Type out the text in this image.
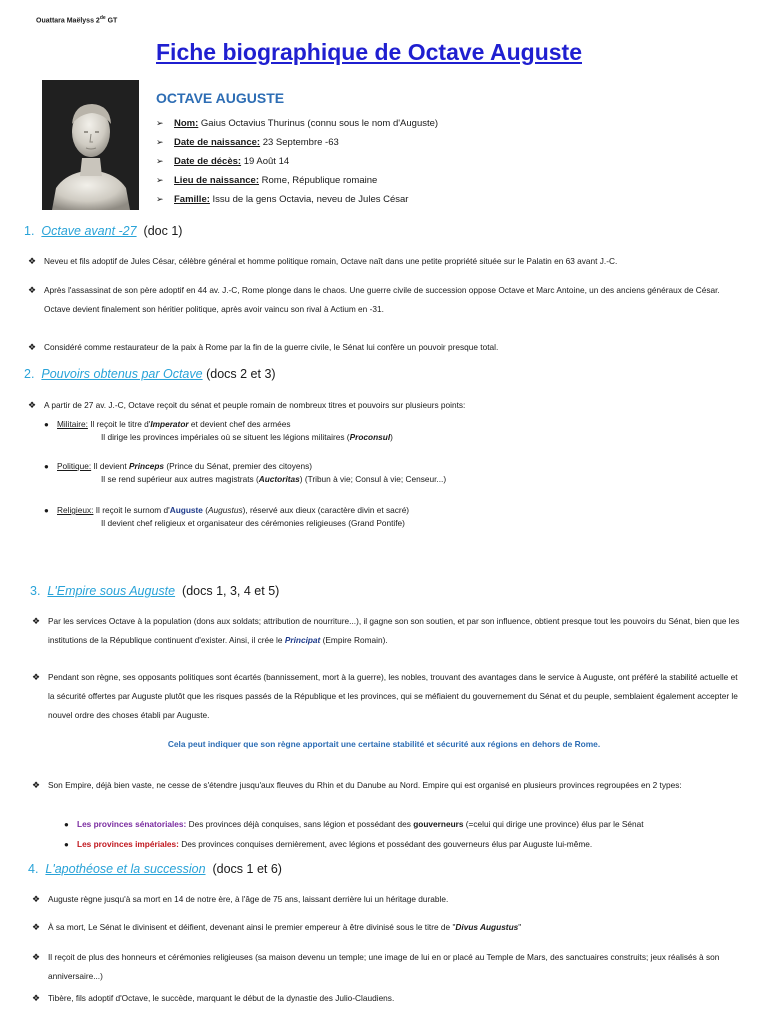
Ouattara Maëlyss 2de GT
Fiche biographique de Octave Auguste
OCTAVE AUGUSTE
➢ Nom: Gaius Octavius Thurinus (connu sous le nom d'Auguste)
➢ Date de naissance: 23 Septembre -63
➢ Date de décès: 19 Août 14
➢ Lieu de naissance: Rome, République romaine
➢ Famille: Issu de la gens Octavia, neveu de Jules César
1. Octave avant -27 (doc 1)
❖ Neveu et fils adoptif de Jules César, célèbre général et homme politique romain, Octave naît dans une petite propriété située sur le Palatin en 63 avant J.-C.
❖ Après l'assassinat de son père adoptif en 44 av. J.-C, Rome plonge dans le chaos. Une guerre civile de succession oppose Octave et Marc Antoine, un des anciens généraux de César. Octave devient finalement son héritier politique, après avoir vaincu son rival à Actium en -31.
❖ Considéré comme restaurateur de la paix à Rome par la fin de la guerre civile, le Sénat lui confère un pouvoir presque total.
2. Pouvoirs obtenus par Octave (docs 2 et 3)
❖ A partir de 27 av. J.-C, Octave reçoit du sénat et peuple romain de nombreux titres et pouvoirs sur plusieurs points:
● Militaire: Il reçoit le titre d'Imperator et devient chef des armées
Il dirige les provinces impériales où se situent les légions militaires (Proconsul)
● Politique: Il devient Princeps (Prince du Sénat, premier des citoyens)
Il se rend supérieur aux autres magistrats (Auctoritas) (Tribun à vie; Consul à vie; Censeur...)
● Religieux: Il reçoit le surnom d'Auguste (Augustus), réservé aux dieux (caractère divin et sacré)
Il devient chef religieux et organisateur des cérémonies religieuses (Grand Pontife)
3. L'Empire sous Auguste (docs 1, 3, 4 et 5)
❖ Par les services Octave à la population (dons aux soldats; attribution de nourriture...), il gagne son son soutien, et par son influence, obtient presque tout les pouvoirs du Sénat, bien que les institutions de la République continuent d'exister. Ainsi, il crée le Principat (Empire Romain).
❖ Pendant son règne, ses opposants politiques sont écartés (bannissement, mort à la guerre), les nobles, trouvant des avantages dans le service à Auguste, ont préféré la stabilité actuelle et la sécurité offertes par Auguste plutôt que les risques passés de la République et les provinces, qui se méfiaient du gouvernement du Sénat et du peuple, semblaient également accepter le nouvel ordre des choses établi par Auguste.
Cela peut indiquer que son règne apportait une certaine stabilité et sécurité aux régions en dehors de Rome.
❖ Son Empire, déjà bien vaste, ne cesse de s'étendre jusqu'aux fleuves du Rhin et du Danube au Nord. Empire qui est organisé en plusieurs provinces regroupées en 2 types:
● Les provinces sénatoriales: Des provinces déjà conquises, sans légion et possédant des gouverneurs (=celui qui dirige une province) élus par le Sénat
● Les provinces impériales: Des provinces conquises dernièrement, avec légions et possédant des gouverneurs élus par Auguste lui-même.
4. L'apothéose et la succession (docs 1 et 6)
❖ Auguste règne jusqu'à sa mort en 14 de notre ère, à l'âge de 75 ans, laissant derrière lui un héritage durable.
❖ À sa mort, Le Sénat le divinisent et déifient, devenant ainsi le premier empereur à être divinisé sous le titre de "Divus Augustus"
❖ Il reçoit de plus des honneurs et cérémonies religieuses (sa maison devenu un temple; une image de lui en or placé au Temple de Mars, des sanctuaires construits; jeux réalisés à son anniversaire...)
❖ Tibère, fils adoptif d'Octave, le succède, marquant le début de la dynastie des Julio-Claudiens.
